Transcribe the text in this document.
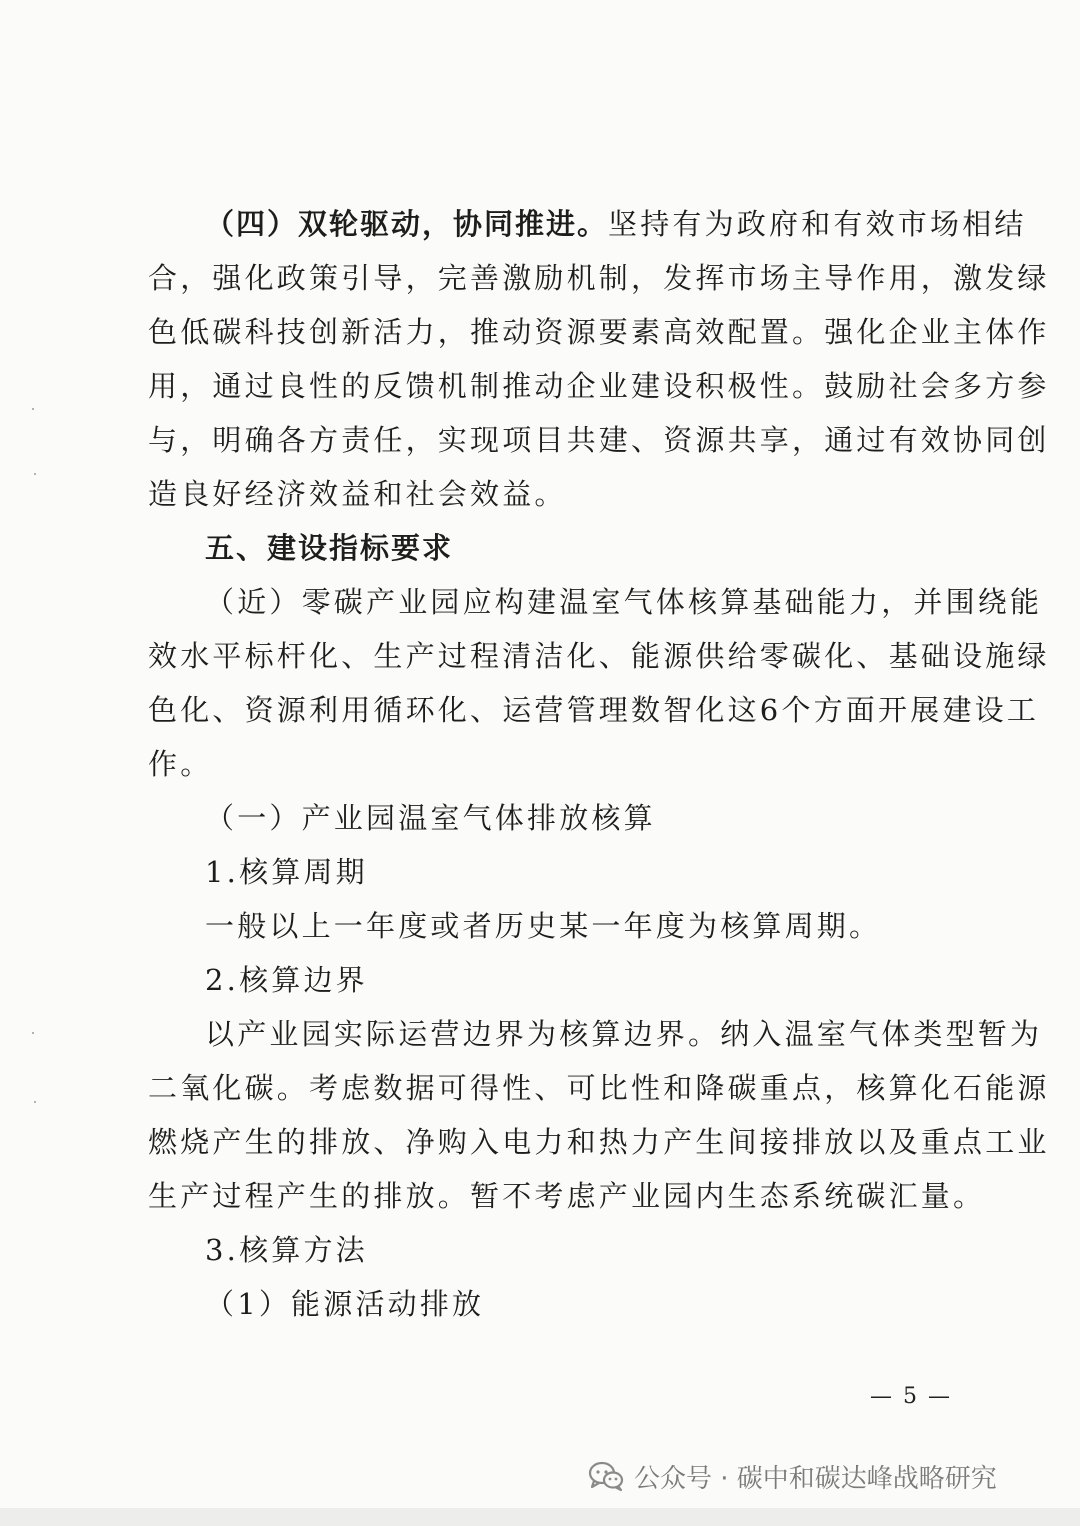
（四）双轮驱动，协同推进。坚持有为政府和有效市场相结
合，强化政策引导，完善激励机制，发挥市场主导作用，激发绿
色低碳科技创新活力，推动资源要素高效配置。强化企业主体作
用，通过良性的反馈机制推动企业建设积极性。鼓励社会多方参
与，明确各方责任，实现项目共建、资源共享，通过有效协同创
造良好经济效益和社会效益。
五、建设指标要求
（近）零碳产业园应构建温室气体核算基础能力，并围绕能
效水平标杆化、生产过程清洁化、能源供给零碳化、基础设施绿
色化、资源利用循环化、运营管理数智化这6个方面开展建设工
作。
（一）产业园温室气体排放核算
1.核算周期
一般以上一年度或者历史某一年度为核算周期。
2.核算边界
以产业园实际运营边界为核算边界。纳入温室气体类型暂为
二氧化碳。考虑数据可得性、可比性和降碳重点，核算化石能源
燃烧产生的排放、净购入电力和热力产生间接排放以及重点工业
生产过程产生的排放。暂不考虑产业园内生态系统碳汇量。
3.核算方法
（1）能源活动排放
— 5 —
公众号 · 碳中和碳达峰战略研究
